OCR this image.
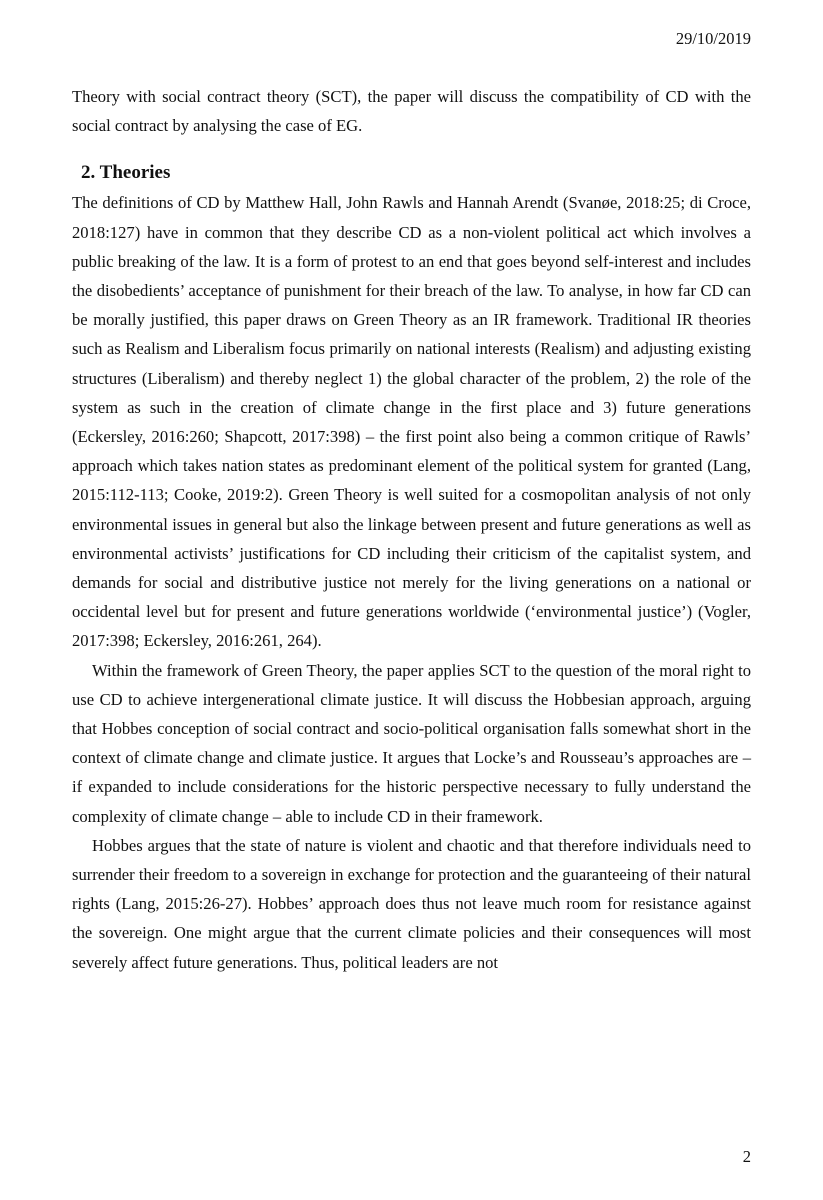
29/10/2019

Theory with social contract theory (SCT), the paper will discuss the compatibility of CD with the social contract by analysing the case of EG.

2. Theories

The definitions of CD by Matthew Hall, John Rawls and Hannah Arendt (Svanøe, 2018:25; di Croce, 2018:127) have in common that they describe CD as a non-violent political act which involves a public breaking of the law. It is a form of protest to an end that goes beyond self-interest and includes the disobedients’ acceptance of punishment for their breach of the law. To analyse, in how far CD can be morally justified, this paper draws on Green Theory as an IR framework. Traditional IR theories such as Realism and Liberalism focus primarily on national interests (Realism) and adjusting existing structures (Liberalism) and thereby neglect 1) the global character of the problem, 2) the role of the system as such in the creation of climate change in the first place and 3) future generations (Eckersley, 2016:260; Shapcott, 2017:398) – the first point also being a common critique of Rawls’ approach which takes nation states as predominant element of the political system for granted (Lang, 2015:112-113; Cooke, 2019:2). Green Theory is well suited for a cosmopolitan analysis of not only environmental issues in general but also the linkage between present and future generations as well as environmental activists’ justifications for CD including their criticism of the capitalist system, and demands for social and distributive justice not merely for the living generations on a national or occidental level but for present and future generations worldwide (‘environmental justice’) (Vogler, 2017:398; Eckersley, 2016:261, 264).

Within the framework of Green Theory, the paper applies SCT to the question of the moral right to use CD to achieve intergenerational climate justice. It will discuss the Hobbesian approach, arguing that Hobbes conception of social contract and socio-political organisation falls somewhat short in the context of climate change and climate justice. It argues that Locke’s and Rousseau’s approaches are – if expanded to include considerations for the historic perspective necessary to fully understand the complexity of climate change – able to include CD in their framework.

Hobbes argues that the state of nature is violent and chaotic and that therefore individuals need to surrender their freedom to a sovereign in exchange for protection and the guaranteeing of their natural rights (Lang, 2015:26-27). Hobbes’ approach does thus not leave much room for resistance against the sovereign. One might argue that the current climate policies and their consequences will most severely affect future generations. Thus, political leaders are not

2
